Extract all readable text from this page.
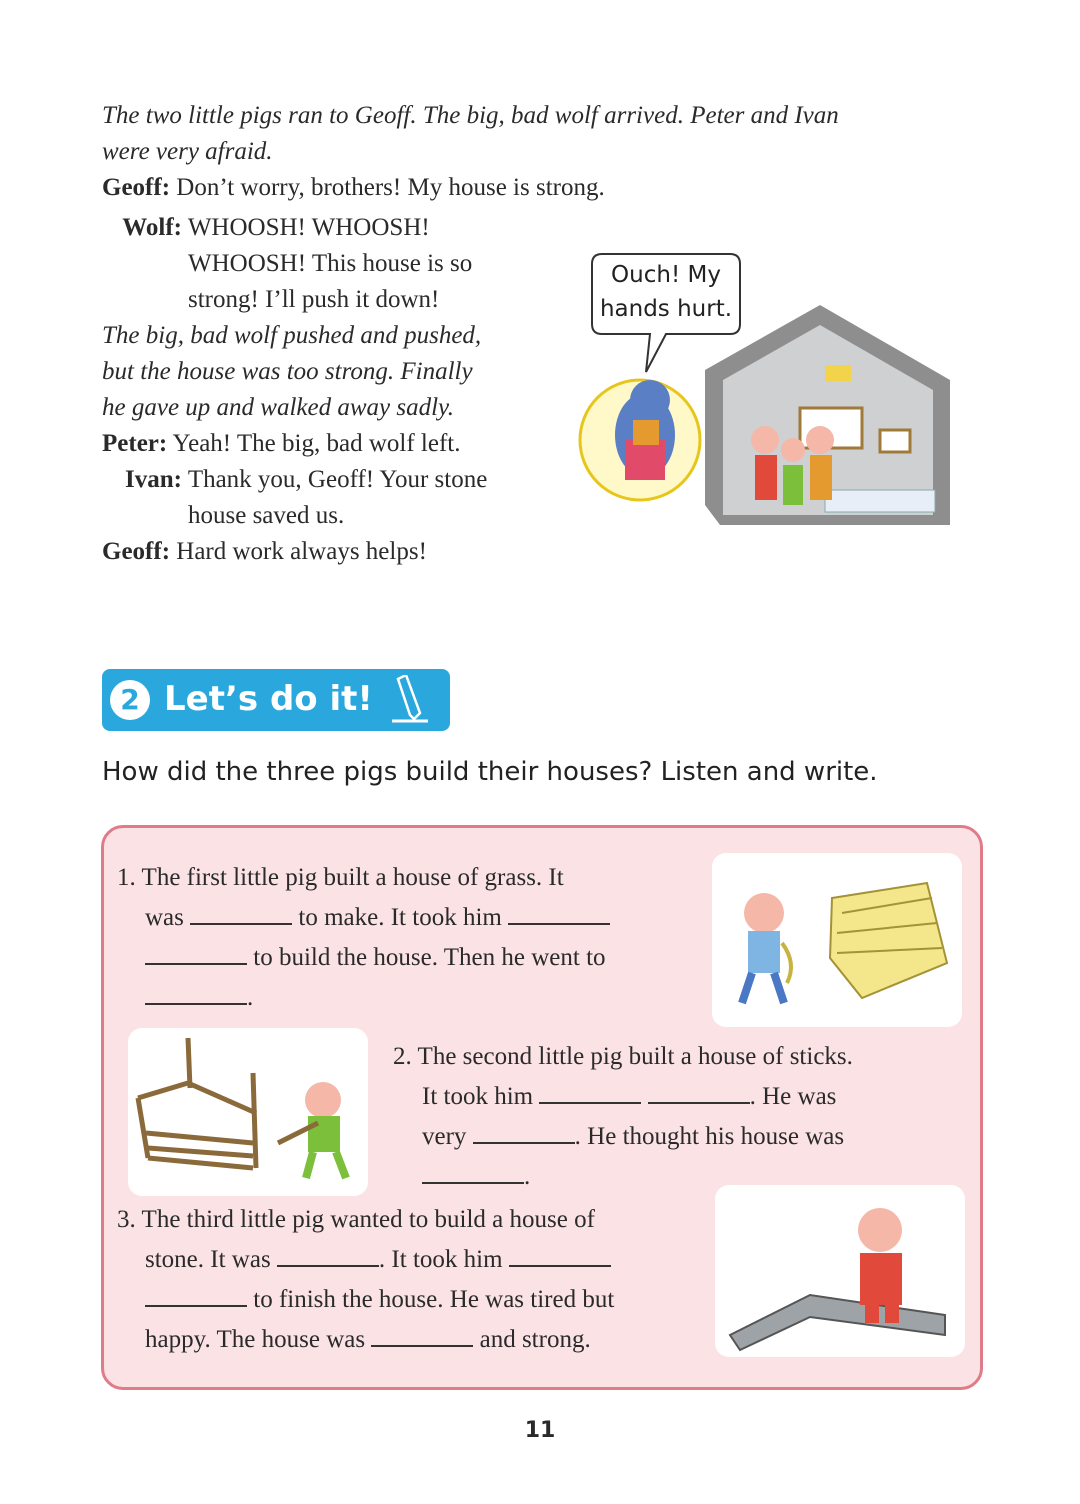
The two little pigs ran to Geoff. The big, bad wolf arrived. Peter and Ivan
were very afraid.
Geoff: Don’t worry, brothers! My house is strong.
Wolf: WHOOSH! WHOOSH!
WHOOSH! This house is so
strong! I’ll push it down!
The big, bad wolf pushed and pushed,
but the house was too strong. Finally
he gave up and walked away sadly.
Peter: Yeah! The big, bad wolf left.
Ivan: Thank you, Geoff! Your stone
house saved us.
Geoff: Hard work always helps!
Ouch! My
hands hurt.
2 Let’s do it!
How did the three pigs build their houses? Listen and write.
1. The first little pig built a house of grass. It
was	to make. It took him
to build the house. Then he went to
.
2. The second little pig built a house of sticks.
It took him	. He was
very	. He thought his house was
.
3. The third little pig wanted to build a house of
stone. It was	. It took him
to finish the house. He was tired but
happy. The house was	and strong.
11
